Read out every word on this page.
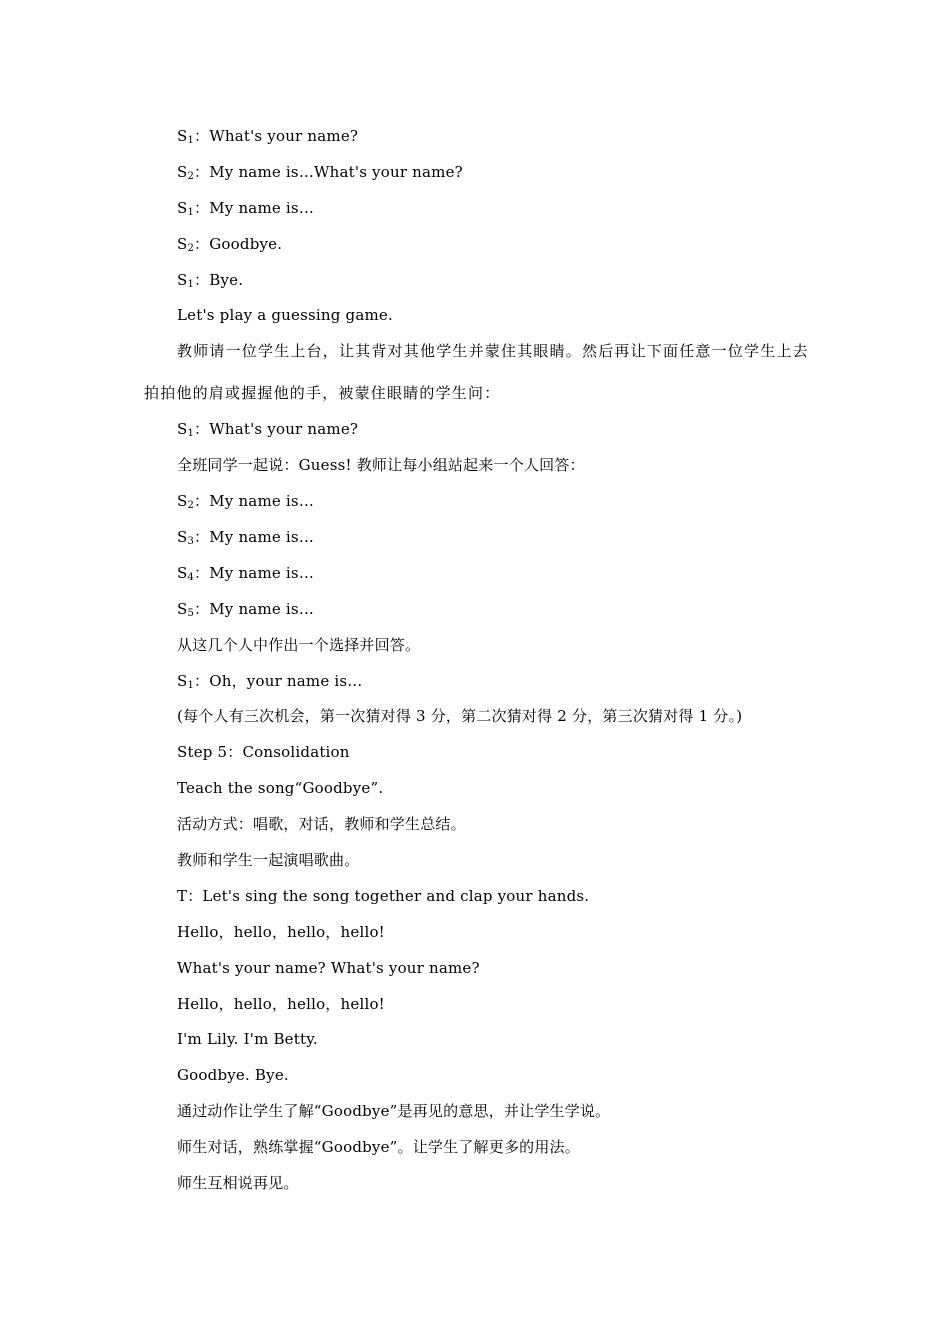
$S_1$：What's your name?

$S_2$：My name is…What's your name?

$S_1$：My name is…

$S_2$：Goodbye.

$S_1$：Bye.

Let's play a guessing game.

教师请一位学生上台，让其背对其他学生并蒙住其眼睛。然后再让下面任意一位学生上去拍拍他的肩或握握他的手，被蒙住眼睛的学生问：

$S_1$：What's your name?

全班同学一起说：Guess! 教师让每小组站起来一个人回答：

$S_2$：My name is…

$S_3$：My name is…

$S_4$：My name is…

$S_5$：My name is…

从这几个人中作出一个选择并回答。

$S_1$：Oh，your name is…

(每个人有三次机会，第一次猜对得 3 分，第二次猜对得 2 分，第三次猜对得 1 分。)

Step 5：Consolidation

Teach the song“Goodbye”.

活动方式：唱歌，对话，教师和学生总结。

教师和学生一起演唱歌曲。

T：Let's sing the song together and clap your hands.

Hello，hello，hello，hello!

What's your name? What's your name?

Hello，hello，hello，hello!

I'm Lily. I'm Betty.

Goodbye. Bye.

通过动作让学生了解“Goodbye”是再见的意思，并让学生学说。

师生对话，熟练掌握“Goodbye”。让学生了解更多的用法。

师生互相说再见。
